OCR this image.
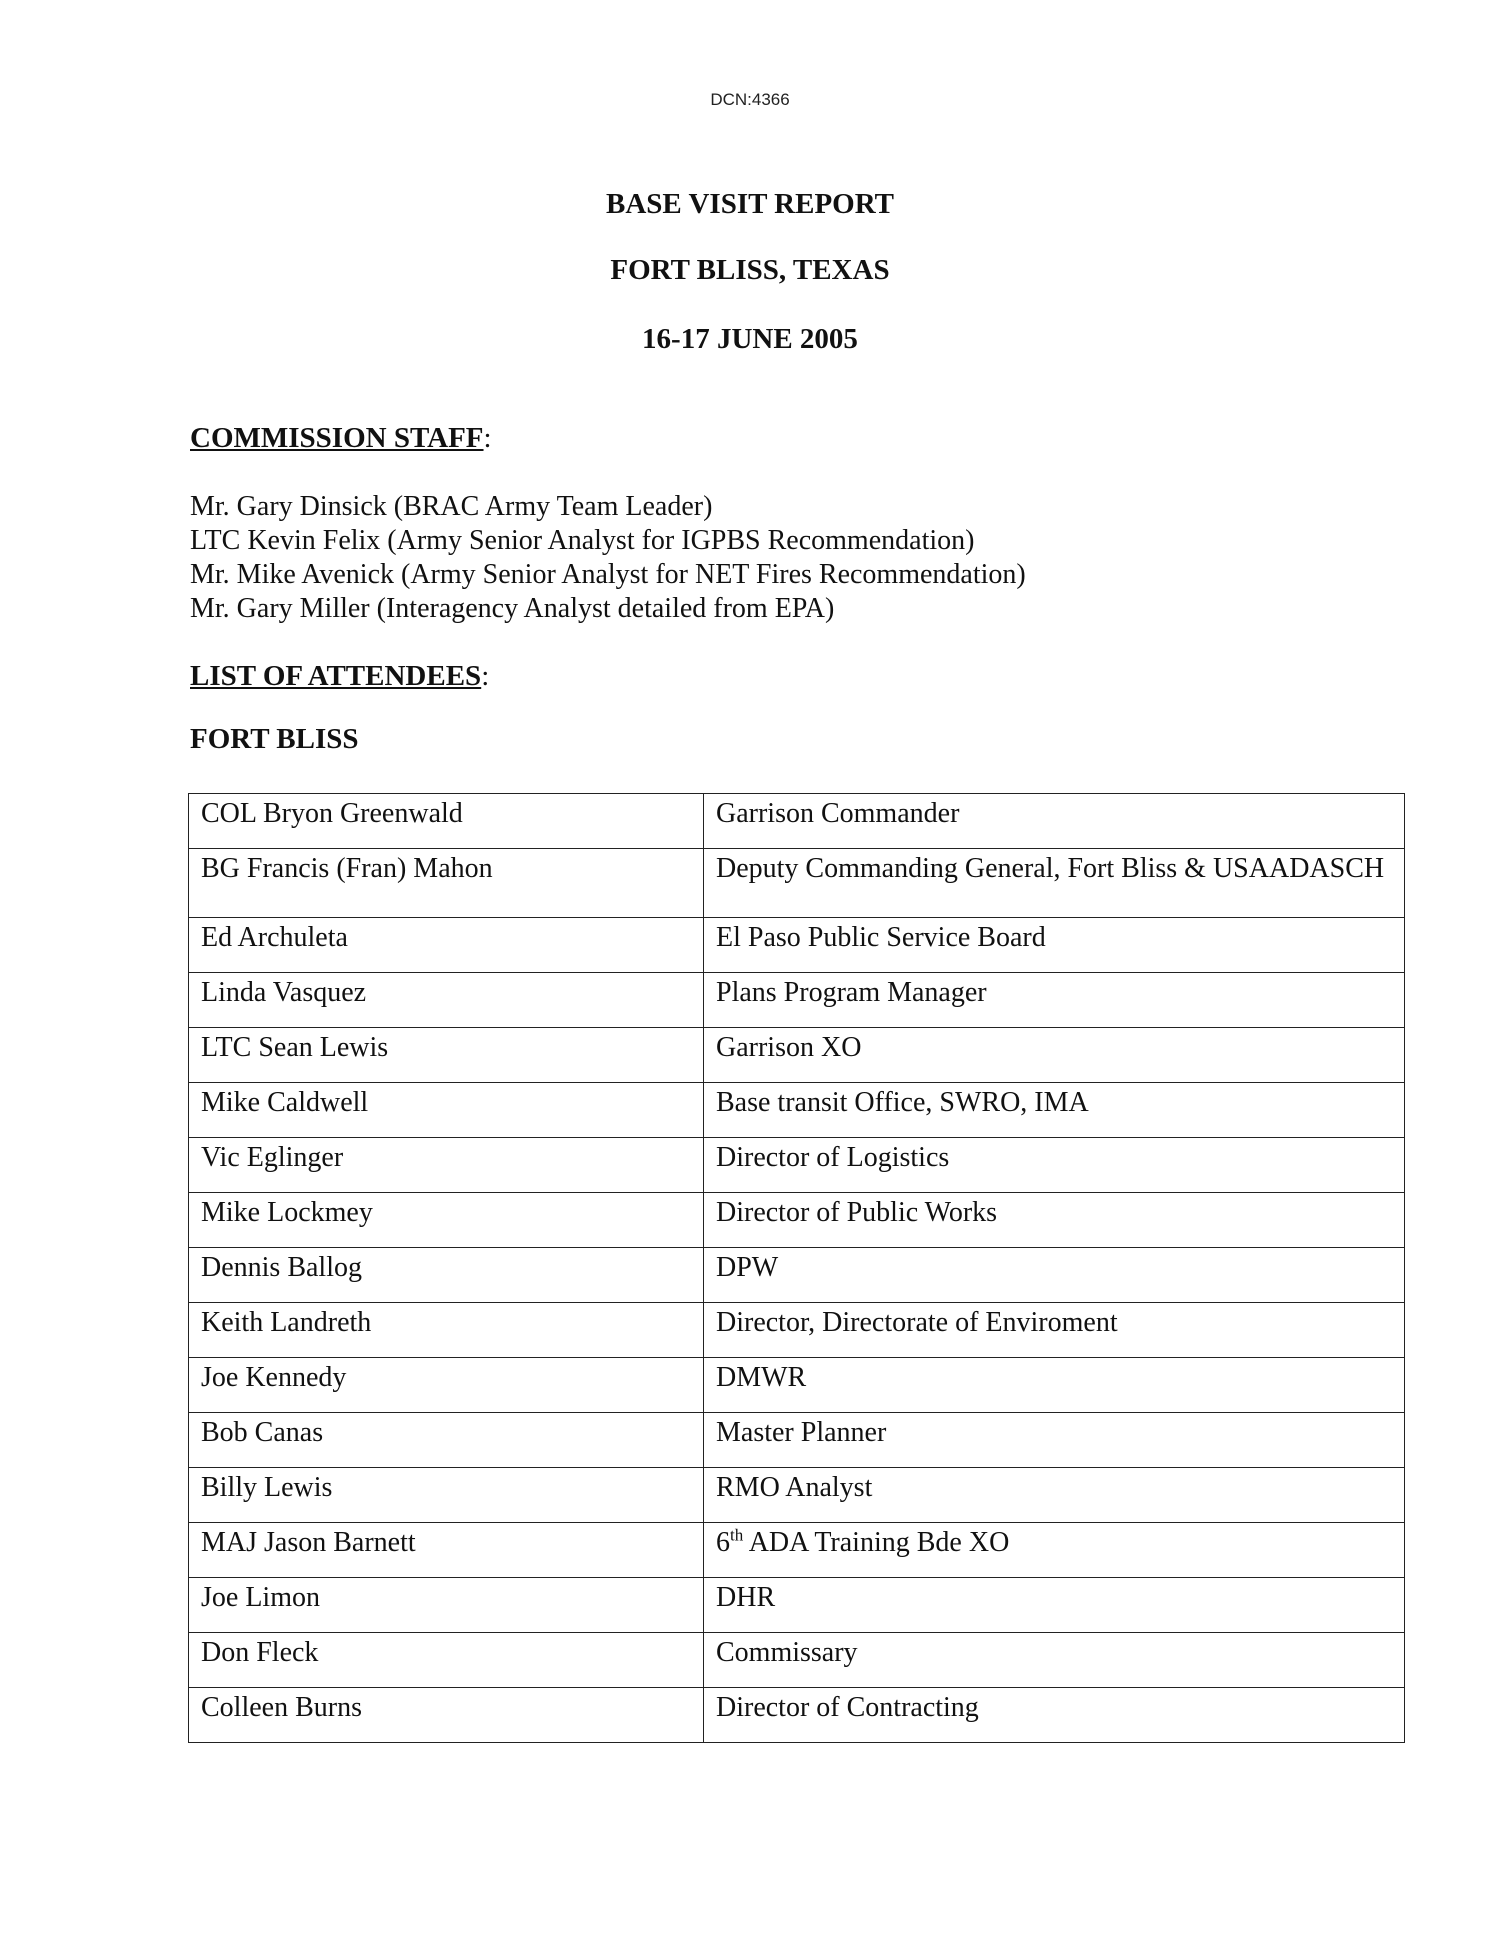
DCN:4366
BASE VISIT REPORT
FORT BLISS, TEXAS
16-17 JUNE 2005
COMMISSION STAFF:
Mr. Gary Dinsick (BRAC Army Team Leader)
LTC Kevin Felix (Army Senior Analyst for IGPBS Recommendation)
Mr. Mike Avenick (Army Senior Analyst for NET Fires Recommendation)
Mr. Gary Miller (Interagency Analyst detailed from EPA)
LIST OF ATTENDEES:
FORT BLISS
COL Bryon Greenwald	Garrison Commander
BG Francis (Fran) Mahon	Deputy Commanding General, Fort Bliss & USAADASCH
Ed Archuleta	El Paso Public Service Board
Linda Vasquez	Plans Program Manager
LTC Sean Lewis	Garrison XO
Mike Caldwell	Base transit Office, SWRO, IMA
Vic Eglinger	Director of Logistics
Mike Lockmey	Director of Public Works
Dennis Ballog	DPW
Keith Landreth	Director, Directorate of Enviroment
Joe Kennedy	DMWR
Bob Canas	Master Planner
Billy Lewis	RMO Analyst
MAJ Jason Barnett	6th ADA Training Bde XO
Joe Limon	DHR
Don Fleck	Commissary
Colleen Burns	Director of Contracting
